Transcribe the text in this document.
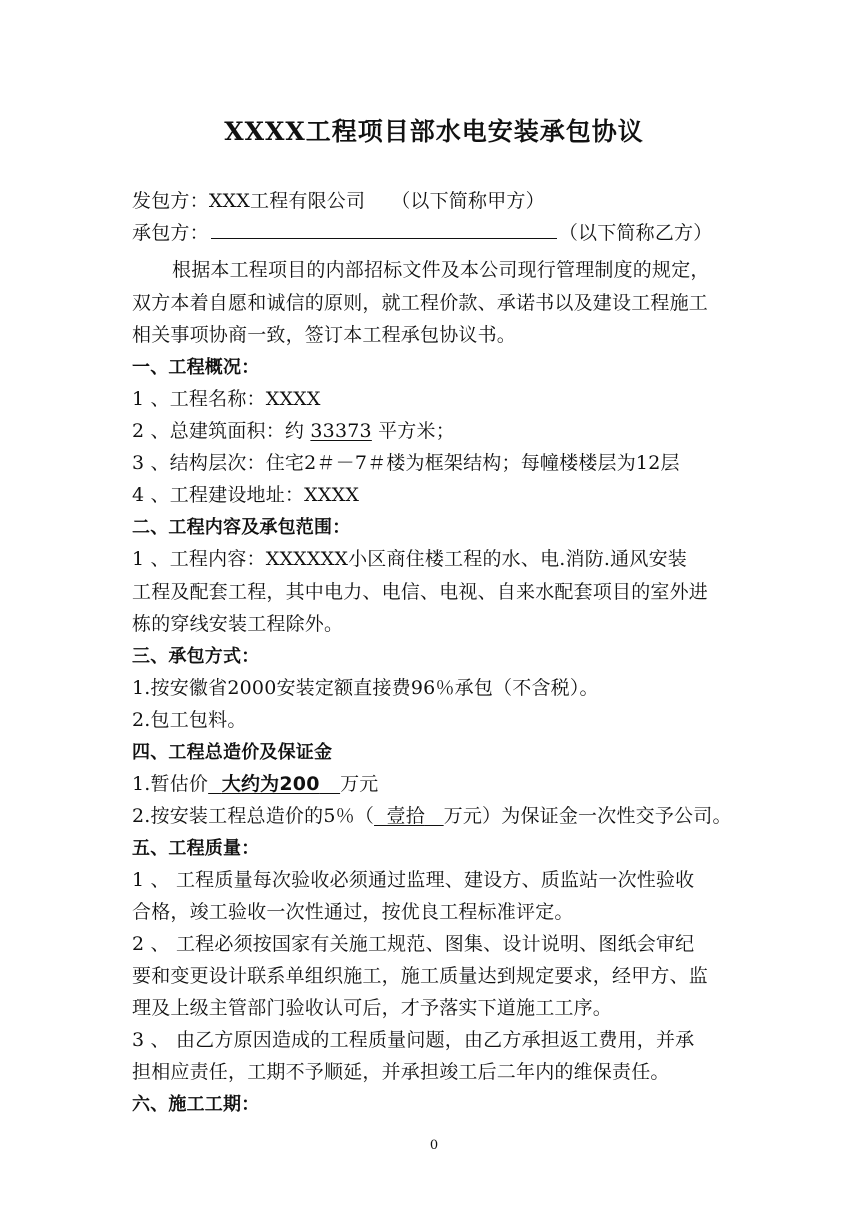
XXXX工程项目部水电安装承包协议
发包方：XXX工程有限公司 （以下简称甲方）
承包方：	（以下简称乙方）
根据本工程项目的内部招标文件及本公司现行管理制度的规定，
双方本着自愿和诚信的原则，就工程价款、承诺书以及建设工程施工
相关事项协商一致，签订本工程承包协议书。
一、工程概况：
1 、工程名称：XXXX
2 、总建筑面积：约 33373 平方米；
3 、结构层次：住宅2＃－7＃楼为框架结构；每幢楼楼层为12层
4 、工程建设地址：XXXX
二、工程内容及承包范围：
1 、工程内容：XXXXXX小区商住楼工程的水、电.消防.通风安装
工程及配套工程，其中电力、电信、电视、自来水配套项目的室外进
栋的穿线安装工程除外。
三、承包方式：
1.按安徽省2000安装定额直接费96％承包（不含税）。
2.包工包料。
四、工程总造价及保证金
1.暂估价 大约为200 万元
2.按安装工程总造价的5％（ 壹拾 万元）为保证金一次性交予公司。
五、工程质量：
1 、 工程质量每次验收必须通过监理、建设方、质监站一次性验收
合格，竣工验收一次性通过，按优良工程标准评定。
2 、 工程必须按国家有关施工规范、图集、设计说明、图纸会审纪
要和变更设计联系单组织施工，施工质量达到规定要求，经甲方、监
理及上级主管部门验收认可后，才予落实下道施工工序。
3 、 由乙方原因造成的工程质量问题，由乙方承担返工费用，并承
担相应责任，工期不予顺延，并承担竣工后二年内的维保责任。
六、施工工期：
0
